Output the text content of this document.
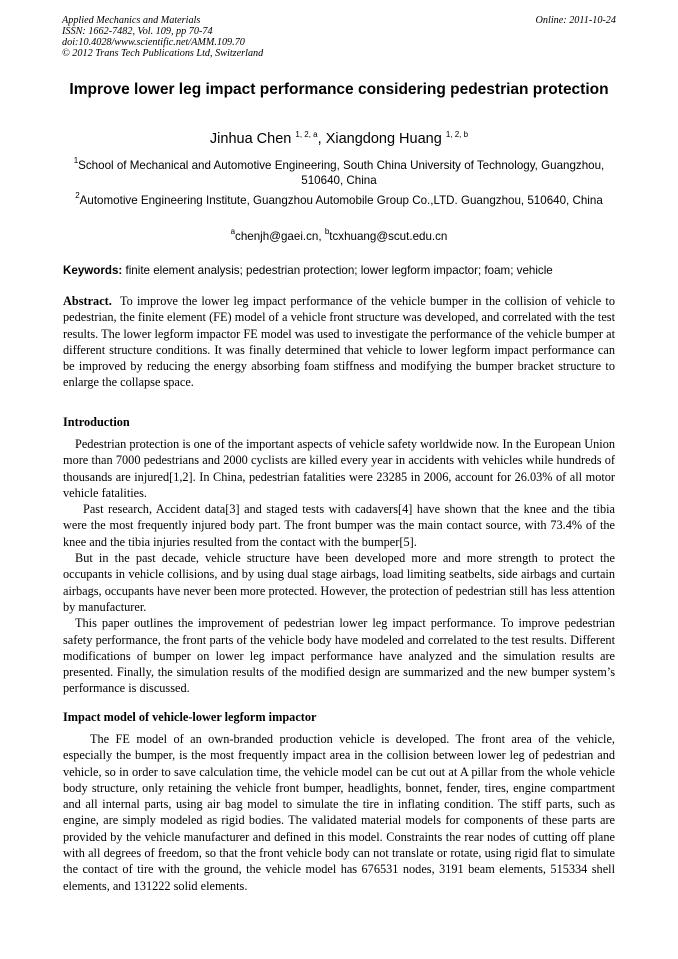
Applied Mechanics and Materials
ISSN: 1662-7482, Vol. 109, pp 70-74
doi:10.4028/www.scientific.net/AMM.109.70
© 2012 Trans Tech Publications Ltd, Switzerland
Online: 2011-10-24
Improve lower leg impact performance considering pedestrian protection
Jinhua Chen $^{1, 2, a}$, Xiangdong Huang $^{1, 2, b}$
$^1$School of Mechanical and Automotive Engineering, South China University of Technology, Guangzhou, 510640, China
$^2$Automotive Engineering Institute, Guangzhou Automobile Group Co.,LTD. Guangzhou, 510640, China
$^a$chenjh@gaei.cn, $^b$tcxhuang@scut.edu.cn
Keywords: finite element analysis; pedestrian protection; lower legform impactor; foam; vehicle
Abstract.  To improve the lower leg impact performance of the vehicle bumper in the collision of vehicle to pedestrian, the finite element (FE) model of a vehicle front structure was developed, and correlated with the test results. The lower legform impactor FE model was used to investigate the performance of the vehicle bumper at different structure conditions. It was finally determined that vehicle to lower legform impact performance can be improved by reducing the energy absorbing foam stiffness and modifying the bumper bracket structure to enlarge the collapse space.
Introduction

Pedestrian protection is one of the important aspects of vehicle safety worldwide now. In the European Union more than 7000 pedestrians and 2000 cyclists are killed every year in accidents with vehicles while hundreds of thousands are injured[1,2]. In China, pedestrian fatalities were 23285 in 2006, account for 26.03% of all motor vehicle fatalities.

Past research, Accident data[3] and staged tests with cadavers[4] have shown that the knee and the tibia were the most frequently injured body part. The front bumper was the main contact source, with 73.4% of the knee and the tibia injuries resulted from the contact with the bumper[5].

But in the past decade, vehicle structure have been developed more and more strength to protect the occupants in vehicle collisions, and by using dual stage airbags, load limiting seatbelts, side airbags and curtain airbags, occupants have never been more protected. However, the protection of pedestrian still has less attention by manufacturer.

This paper outlines the improvement of pedestrian lower leg impact performance. To improve pedestrian safety performance, the front parts of the vehicle body have modeled and correlated to the test results. Different modifications of bumper on lower leg impact performance have analyzed and the simulation results are presented. Finally, the simulation results of the modified design are summarized and the new bumper system’s performance is discussed.

Impact model of vehicle-lower legform impactor

The FE model of an own-branded production vehicle is developed. The front area of the vehicle, especially the bumper, is the most frequently impact area in the collision between lower leg of pedestrian and vehicle, so in order to save calculation time, the vehicle model can be cut out at A pillar from the whole vehicle body structure, only retaining the vehicle front bumper, headlights, bonnet, fender, tires, engine compartment and all internal parts, using air bag model to simulate the tire in inflating condition. The stiff parts, such as engine, are simply modeled as rigid bodies. The validated material models for components of these parts are provided by the vehicle manufacturer and defined in this model. Constraints the rear nodes of cutting off plane with all degrees of freedom, so that the front vehicle body can not translate or rotate, using rigid flat to simulate the contact of tire with the ground, the vehicle model has 676531 nodes, 3191 beam elements, 515334 shell elements, and 131222 solid elements.
